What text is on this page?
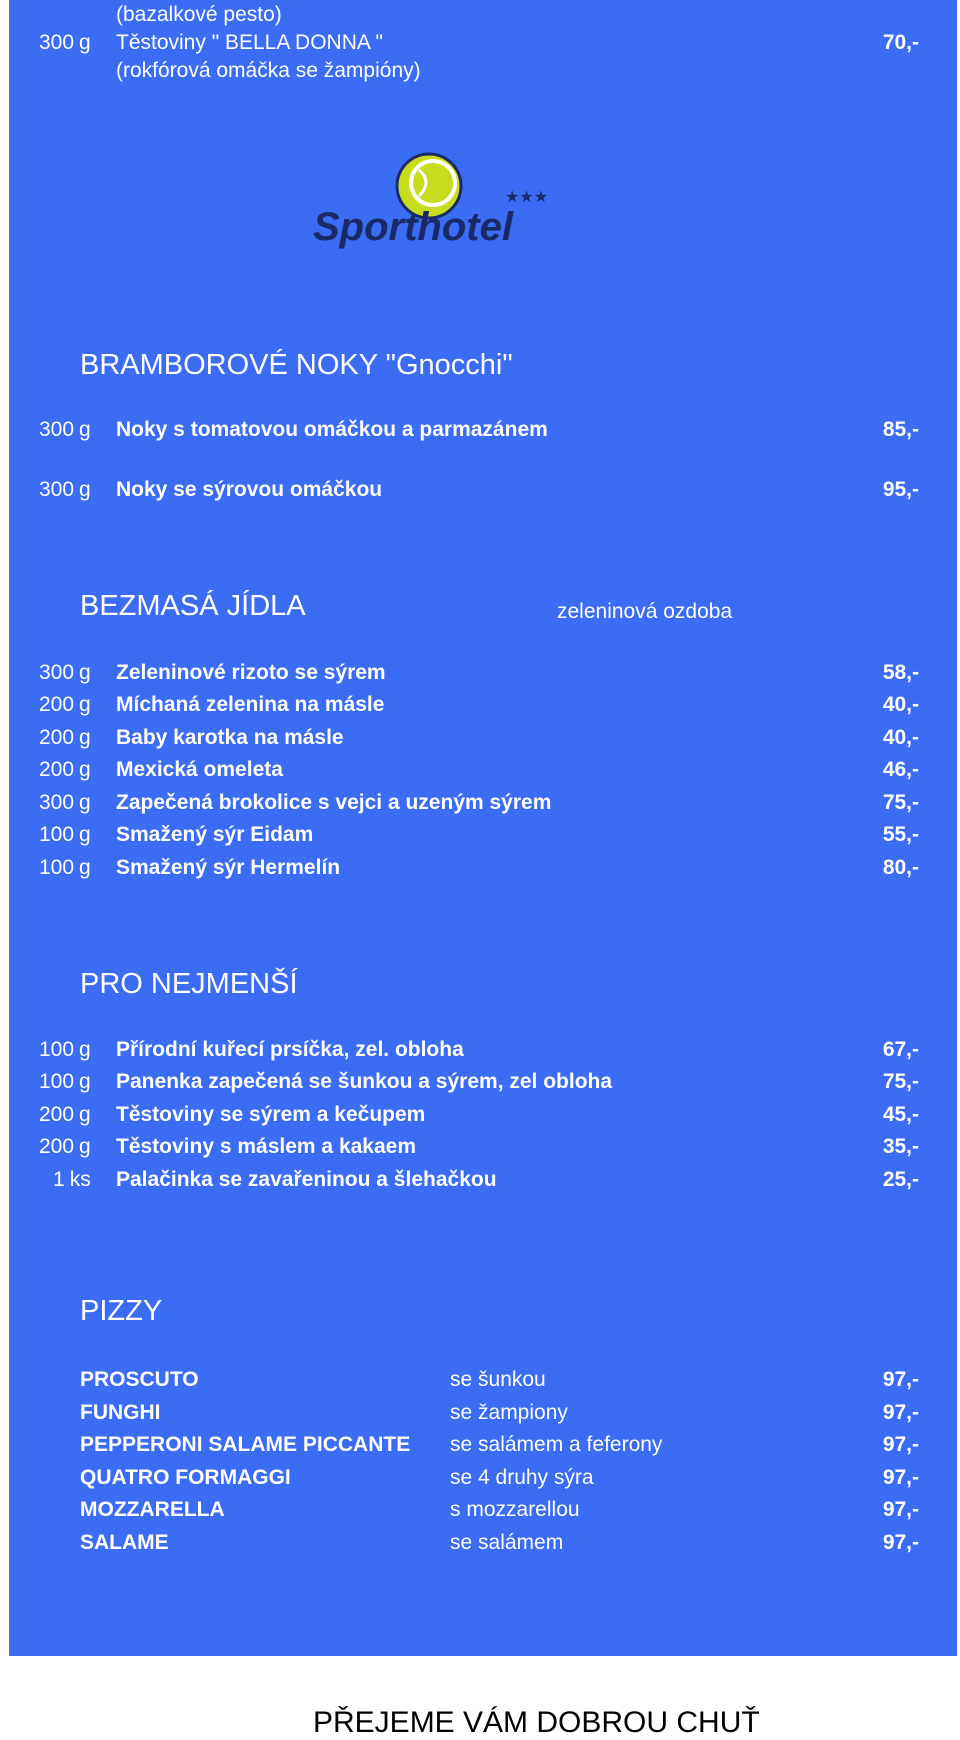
(bazalkové pesto)
300 g Těstoviny " BELLA DONNA "	70,-
(rokfórová omáčka se žampióny)
★★★
Sporthotel
BRAMBOROVÉ NOKY "Gnocchi"
300 g Noky s tomatovou omáčkou a parmazánem	85,-
300 g Noky se sýrovou omáčkou	95,-
BEZMASÁ JÍDLA	zeleninová ozdoba
300 g Zeleninové rizoto se sýrem	58,-
200 g Míchaná zelenina na másle	40,-
200 g Baby karotka na másle	40,-
200 g Mexická omeleta	46,-
300 g Zapečená brokolice s vejci a uzeným sýrem	75,-
100 g Smažený sýr Eidam	55,-
100 g Smažený sýr Hermelín	80,-
PRO NEJMENŠÍ
100 g Přírodní kuřecí prsíčka, zel. obloha	67,-
100 g Panenka zapečená se šunkou a sýrem, zel obloha	75,-
200 g Těstoviny se sýrem a kečupem	45,-
200 g Těstoviny s máslem a kakaem	35,-
1 ks Palačinka se zavařeninou a šlehačkou	25,-
PIZZY
PROSCUTO	se šunkou	97,-
FUNGHI	se žampiony	97,-
PEPPERONI SALAME PICCANTE se salámem a feferony	97,-
QUATRO FORMAGGI	se 4 druhy sýra	97,-
MOZZARELLA	s mozzarellou	97,-
SALAME	se salámem	97,-
PŘEJEME VÁM DOBROU CHUŤ
